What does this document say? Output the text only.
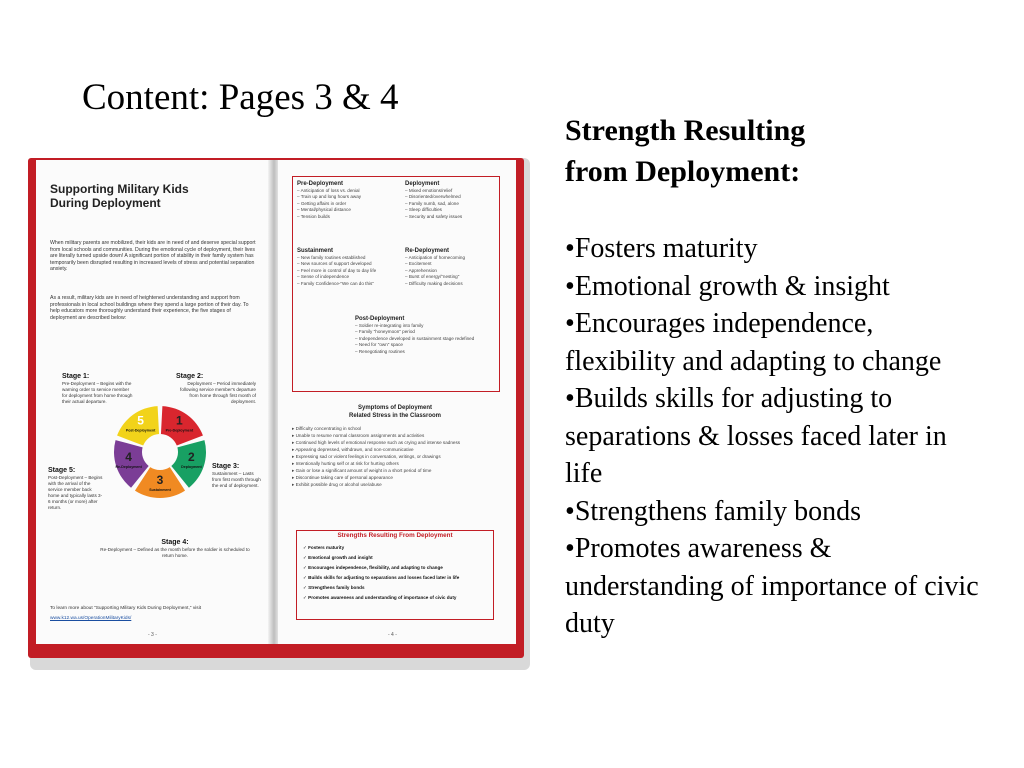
Content: Pages 3 & 4
Supporting Military Kids
During Deployment
When military parents are mobilized, their kids are in need of and deserve special support from local schools and communities. During the emotional cycle of deployment, their lives are literally turned upside down! A significant portion of stability in their family system has temporarily been disrupted resulting in increased levels of stress and potential separation anxiety.
As a result, military kids are in need of heightened understanding and support from professionals in local school buildings where they spend a large portion of their day. To help educators more thoroughly understand their experience, the five stages of deployment are described below:
Stage 1:
Pre-Deployment – Begins with the warning order to service member for deployment from home through their actual departure.
Stage 2:
Deployment – Period immediately following service member's departure from home through first month of deployment.
Stage 3:
Sustainment – Lasts from first month through the end of deployment.
Stage 5:
Post-Deployment – Begins with the arrival of the service member back home and typically lasts 3-6 months (or more) after return.
Stage 4:
Re-Deployment – Defined as the month before the soldier is scheduled to return home.
1
Pre-Deployment
2
Deployment
3
Sustainment
4
Re-Deployment
5
Post-Deployment
To learn more about "Supporting Military Kids During Deployment," visit
www.k12.wa.us/OperationMilitaryKids/
- 3 -
Pre-Deployment
– Anticipation of loss vs. denial
– Train up and long hours away
– Getting affairs in order
– Mental/physical distance
– Tension builds
Deployment
– Mixed emotions/relief
– Disoriented/overwhelmed
– Family numb, sad, alone
– Sleep difficulties
– Security and safety issues
Sustainment
– New family routines established
– New sources of support developed
– Feel more in control of day to day life
– Sense of independence
– Family Confidence-"We can do this"
Re-Deployment
– Anticipation of homecoming
– Excitement
– Apprehension
– Burst of energy/"nesting"
– Difficulty making decisions
Post-Deployment
– Soldier re-integrating into family
– Family "honeymoon" period
– Independence developed in sustainment stage redefined
– Need for "own" space
– Renegotiating routines
Symptoms of Deployment
Related Stress in the Classroom
▸ Difficulty concentrating in school
▸ Unable to resume normal classroom assignments and activities
▸ Continued high levels of emotional response such as crying and intense sadness
▸ Appearing depressed, withdrawn, and non-communicative
▸ Expressing sad or violent feelings in conversation, writings, or drawings
▸ Intentionally hurting self or at risk for hurting others
▸ Gain or lose a significant amount of weight in a short period of time
▸ Discontinue taking care of personal appearance
▸ Exhibit possible drug or alcohol use/abuse
Strengths Resulting From Deployment
✓ Fosters maturity
✓ Emotional growth and insight
✓ Encourages independence, flexibility, and adapting to change
✓ Builds skills for adjusting to separations and losses faced later in life
✓ Strengthens family bonds
✓ Promotes awareness and understanding of importance of civic duty
- 4 -
Strength Resulting
from Deployment:
• Fosters maturity
• Emotional growth & insight
• Encourages independence, flexibility and adapting to change
• Builds skills for adjusting to separations & losses faced later in life
• Strengthens family bonds
• Promotes awareness & understanding of importance of civic duty
